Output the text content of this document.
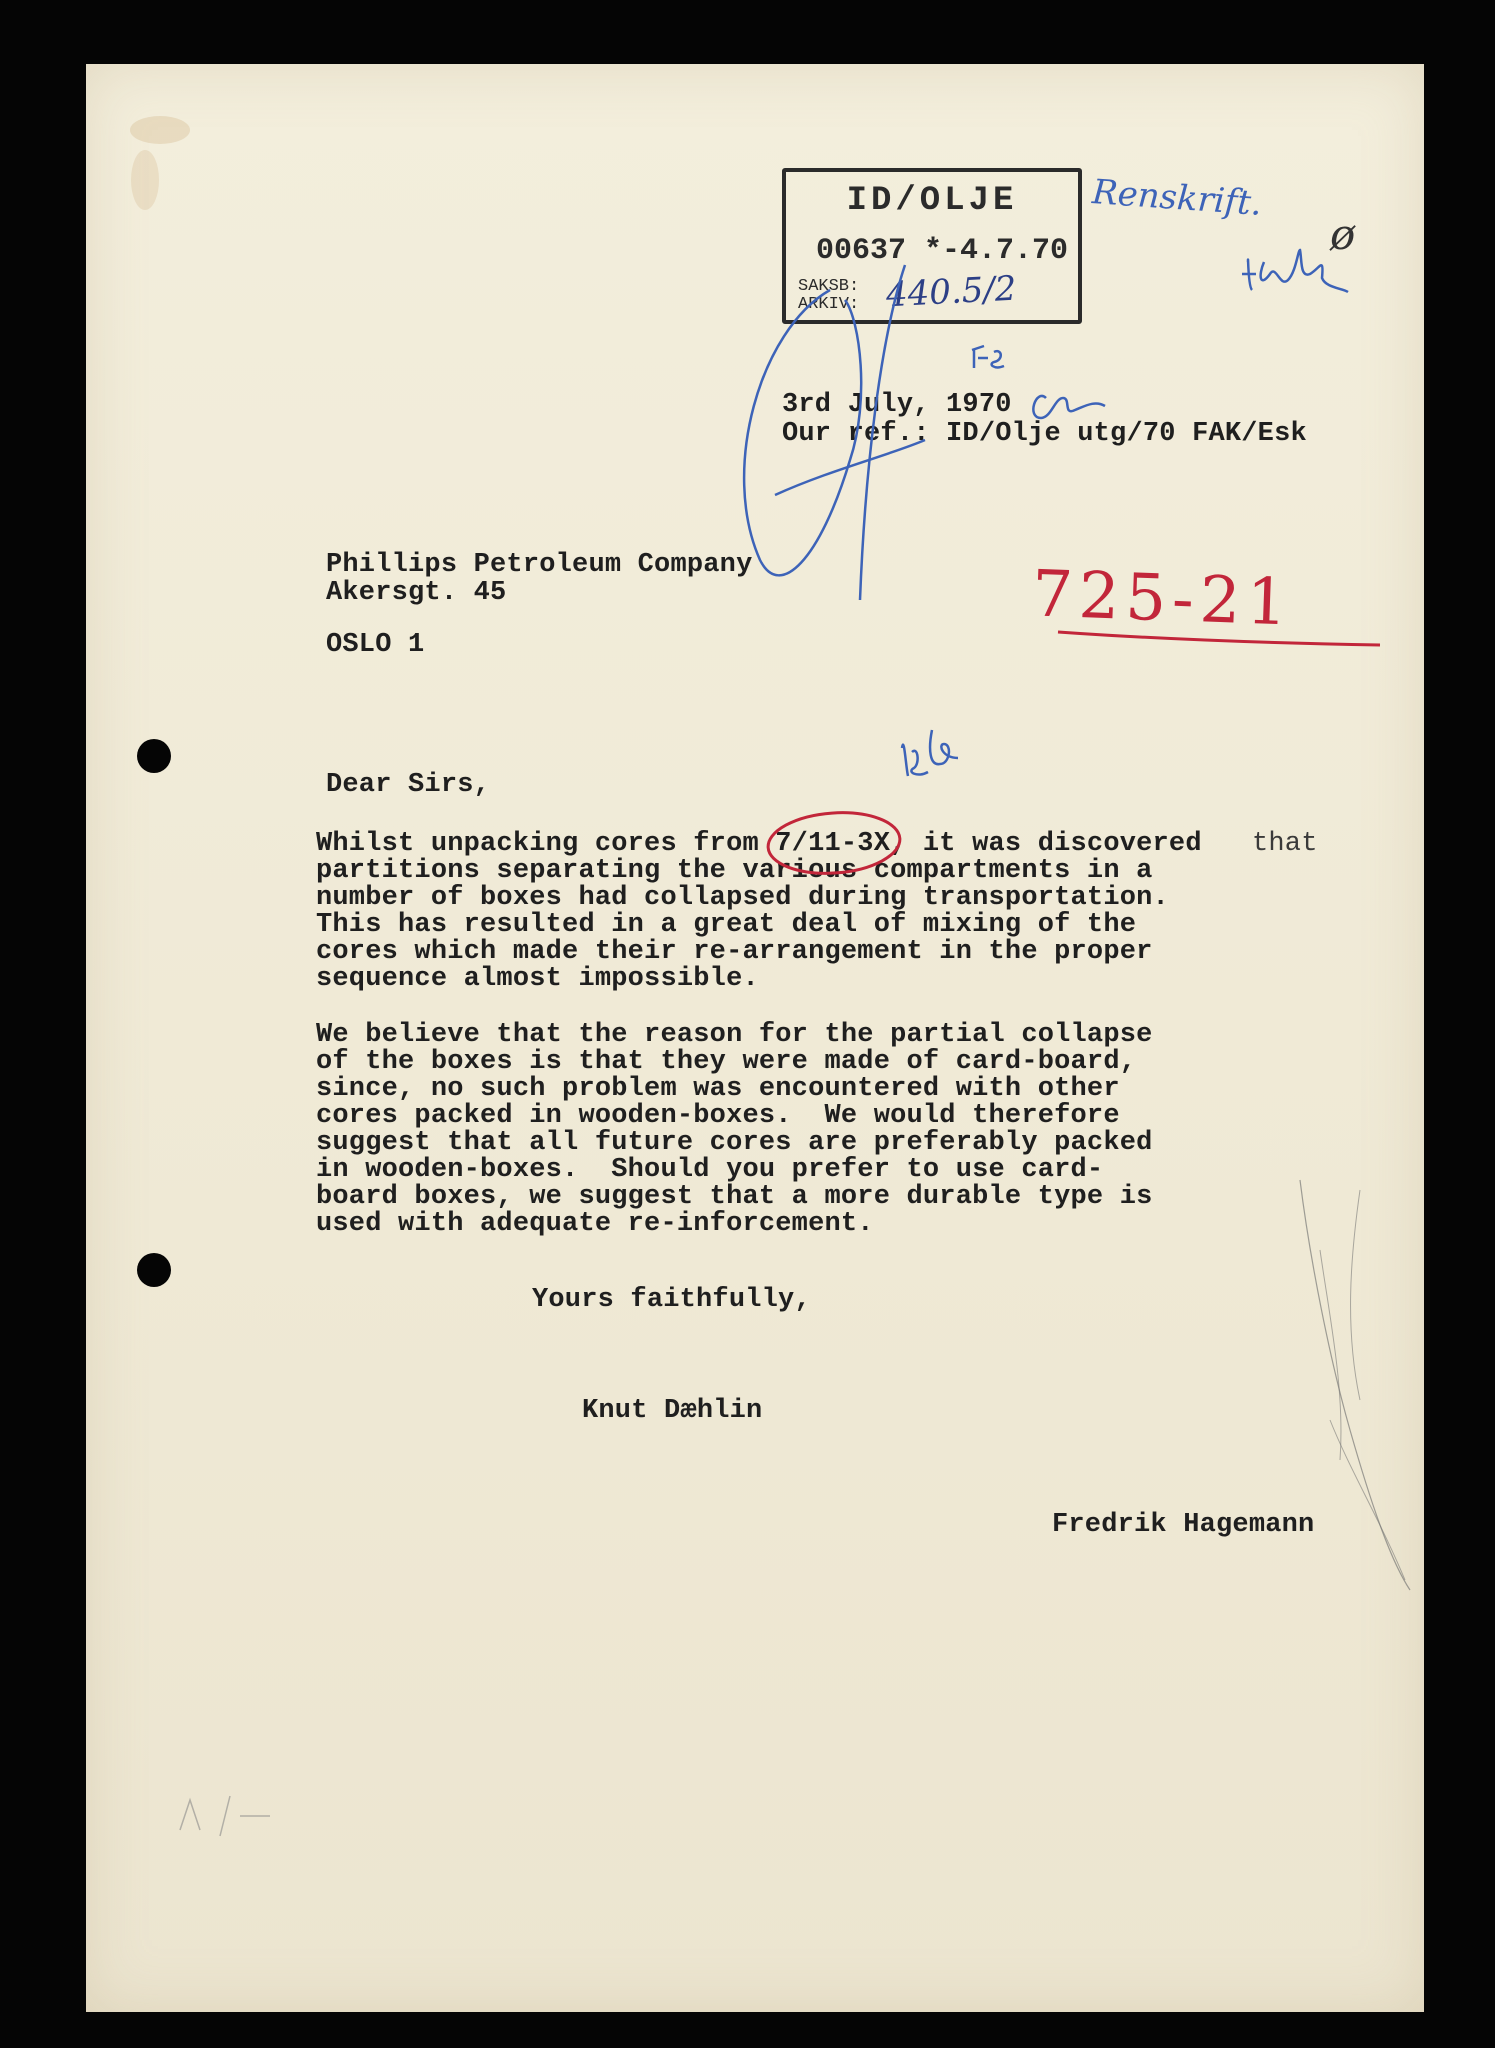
ID/OLJE
00637 *-4.7.70
SAKSB:
ARKIV: 440.5/2
Renskrift.
ø
725-21
3rd July, 1970
Our ref.: ID/Olje utg/70 FAK/Esk
Phillips Petroleum Company
Akersgt. 45
OSLO 1
Dear Sirs,
Whilst unpacking cores from 7/11-3X, it was discovered that
partitions separating the various compartments in a
number of boxes had collapsed during transportation.
This has resulted in a great deal of mixing of the
cores which made their re-arrangement in the proper
sequence almost impossible.
We believe that the reason for the partial collapse
of the boxes is that they were made of card-board,
since, no such problem was encountered with other
cores packed in wooden-boxes.  We would therefore
suggest that all future cores are preferably packed
in wooden-boxes.  Should you prefer to use card-
board boxes, we suggest that a more durable type is
used with adequate re-inforcement.
Yours faithfully,
Knut Dæhlin
Fredrik Hagemann
